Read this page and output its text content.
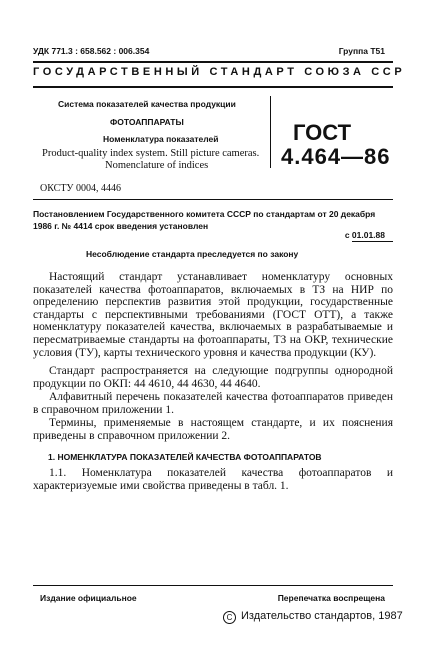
УДК 771.3 : 658.562 : 006.354	Группа Т51
ГОСУДАРСТВЕННЫЙ СТАНДАРТ СОЮЗА ССР
Система показателей качества продукции
ФОТОАППАРАТЫ
Номенклатура показателей
Product-quality index system. Still picture cameras.
Nomenclature of indices
ГОСТ
4.464—86
ОКСТУ 0004, 4446
Постановлением Государственного комитета СССР по стандартам от 20 декабря 1986 г. № 4414 срок введения установлен
с 01.01.88
Несоблюдение стандарта преследуется по закону
Настоящий стандарт устанавливает номенклатуру основных показателей качества фотоаппаратов, включаемых в ТЗ на НИР по определению перспектив развития этой продукции, государственные стандарты с перспективными требованиями (ГОСТ ОТТ), а также номенклатуру показателей качества, включаемых в разрабатываемые и пересматриваемые стандарты на фотоаппараты, ТЗ на ОКР, технические условия (ТУ), карты технического уровня и качества продукции (КУ).
Стандарт распространяется на следующие подгруппы однородной продукции по ОКП: 44 4610, 44 4630, 44 4640.
Алфавитный перечень показателей качества фотоаппаратов приведен в справочном приложении 1.
Термины, применяемые в настоящем стандарте, и их пояснения приведены в справочном приложении 2.
1. НОМЕНКЛАТУРА ПОКАЗАТЕЛЕЙ КАЧЕСТВА ФОТОАППАРАТОВ
1.1. Номенклатура показателей качества фотоаппаратов и характеризуемые ими свойства приведены в табл. 1.
Издание официальное	Перепечатка воспрещена
С Издательство стандартов, 1987
